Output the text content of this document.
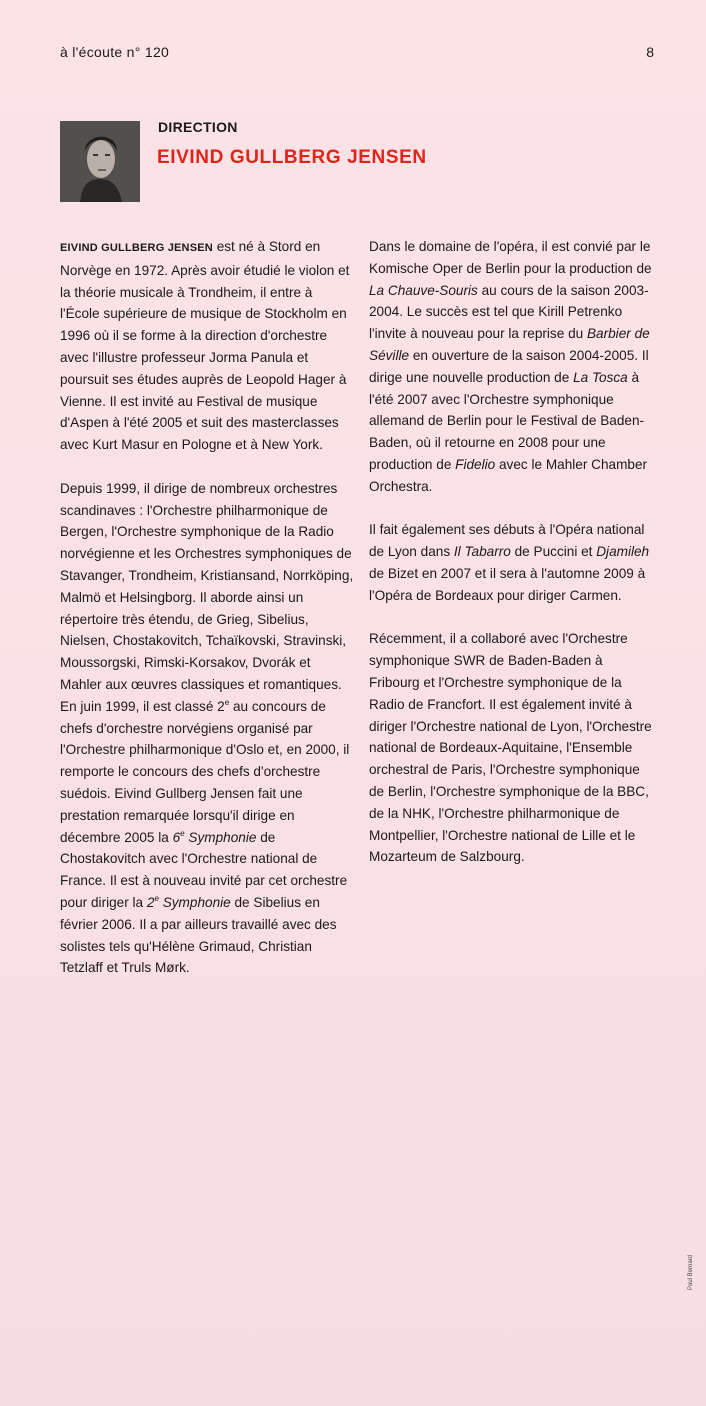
à l'écoute n° 120	8
DIRECTION
EIVIND GULLBERG JENSEN

EIVIND GULLBERG JENSEN est né à Stord en Norvège en 1972. Après avoir étudié le violon et la théorie musicale à Trondheim, il entre à l'École supérieure de musique de Stockholm en 1996 où il se forme à la direction d'orchestre avec l'illustre professeur Jorma Panula et poursuit ses études auprès de Leopold Hager à Vienne. Il est invité au Festival de musique d'Aspen à l'été 2005 et suit des masterclasses avec Kurt Masur en Pologne et à New York.

Depuis 1999, il dirige de nombreux orchestres scandinaves : l'Orchestre philharmonique de Bergen, l'Orchestre symphonique de la Radio norvégienne et les Orchestres symphoniques de Stavanger, Trondheim, Kristiansand, Norrköping, Malmö et Helsingborg. Il aborde ainsi un répertoire très étendu, de Grieg, Sibelius, Nielsen, Chostakovitch, Tchaïkovski, Stravinski, Moussorgski, Rimski-Korsakov, Dvorák et Mahler aux œuvres classiques et romantiques. En juin 1999, il est classé 2e au concours de chefs d'orchestre norvégiens organisé par l'Orchestre philharmonique d'Oslo et, en 2000, il remporte le concours des chefs d'orchestre suédois. Eivind Gullberg Jensen fait une prestation remarquée lorsqu'il dirige en décembre 2005 la 6e Symphonie de Chostakovitch avec l'Orchestre national de France. Il est à nouveau invité par cet orchestre pour diriger la 2e Symphonie de Sibelius en février 2006. Il a par ailleurs travaillé avec des solistes tels qu'Hélène Grimaud, Christian Tetzlaff et Truls Mørk.

Dans le domaine de l'opéra, il est convié par le Komische Oper de Berlin pour la production de La Chauve-Souris au cours de la saison 2003-2004. Le succès est tel que Kirill Petrenko l'invite à nouveau pour la reprise du Barbier de Séville en ouverture de la saison 2004-2005. Il dirige une nouvelle production de La Tosca à l'été 2007 avec l'Orchestre symphonique allemand de Berlin pour le Festival de Baden-Baden, où il retourne en 2008 pour une production de Fidelio avec le Mahler Chamber Orchestra.

Il fait également ses débuts à l'Opéra national de Lyon dans Il Tabarro de Puccini et Djamileh de Bizet en 2007 et il sera à l'automne 2009 à l'Opéra de Bordeaux pour diriger Carmen.

Récemment, il a collaboré avec l'Orchestre symphonique SWR de Baden-Baden à Fribourg et l'Orchestre symphonique de la Radio de Francfort. Il est également invité à diriger l'Orchestre national de Lyon, l'Orchestre national de Bordeaux-Aquitaine, l'Ensemble orchestral de Paris, l'Orchestre symphonique de Berlin, l'Orchestre symphonique de la BBC, de la NHK, l'Orchestre philharmonique de Montpellier, l'Orchestre national de Lille et le Mozarteum de Salzbourg.

Paul Bernard
